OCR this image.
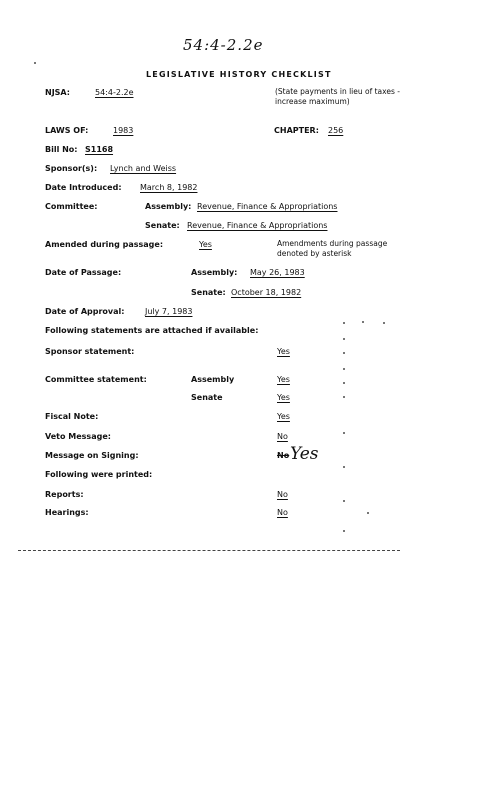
54:4-2.2e
LEGISLATIVE HISTORY CHECKLIST
NJSA:	54:4-2.2e	(State payments in lieu of taxes - increase maximum)
LAWS OF:	1983	CHAPTER: 256
Bill No: S1168
Sponsor(s): Lynch and Weiss
Date Introduced: March 8, 1982
Committee:	Assembly: Revenue, Finance & Appropriations
Senate: Revenue, Finance & Appropriations
Amended during passage:	Yes	Amendments during passage denoted by asterisk
Date of Passage:	Assembly: May 26, 1983
Senate: October 18, 1982
Date of Approval:	July 7, 1983
Following statements are attached if available:
Sponsor statement:	Yes
Committee statement:	Assembly	Yes
Senate	Yes
Fiscal Note:	Yes
Veto Message:	No
Message on Signing:	No Yes
Following were printed:
Reports:	No
Hearings:	No
